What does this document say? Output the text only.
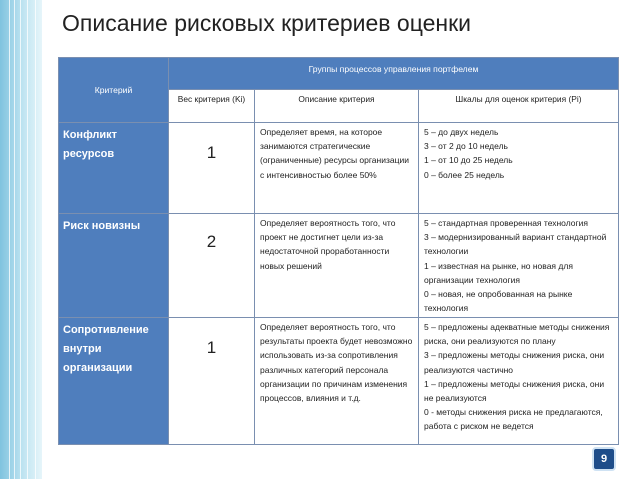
Описание рисковых критериев оценки
Критерий	Группы процессов управления портфелем		
	Вес критерия (Ki)	Описание критерия	Шкалы для оценок критерия (Pi)
Конфликт ресурсов	1	Определяет время, на которое занимаются стратегические (ограниченные) ресурсы организации с интенсивностью более 50%	5 – до двух недель
3 – от 2 до 10 недель
1 – от 10 до 25 недель
0 – более 25 недель

Риск новизны	2	Определяет вероятность того, что проект не достигнет цели из-за недостаточной проработанности новых решений	5 – стандартная проверенная технология
3 – модернизированный вариант стандартной технологии
1 – известная на рынке, но новая для организации технология
0 – новая, не опробованная на рынке технология

Сопротивление внутри организации	1	Определяет вероятность того, что результаты проекта будет невозможно использовать из-за сопротивления различных категорий персонала организации по причинам изменения процессов, влияния и т.д.	5 – предложены адекватные методы снижения риска, они реализуются по плану
3 – предложены методы снижения риска, они реализуются частично
1 – предложены методы снижения риска, они не реализуются
0 - методы снижения риска не предлагаются, работа с риском не ведется
9
